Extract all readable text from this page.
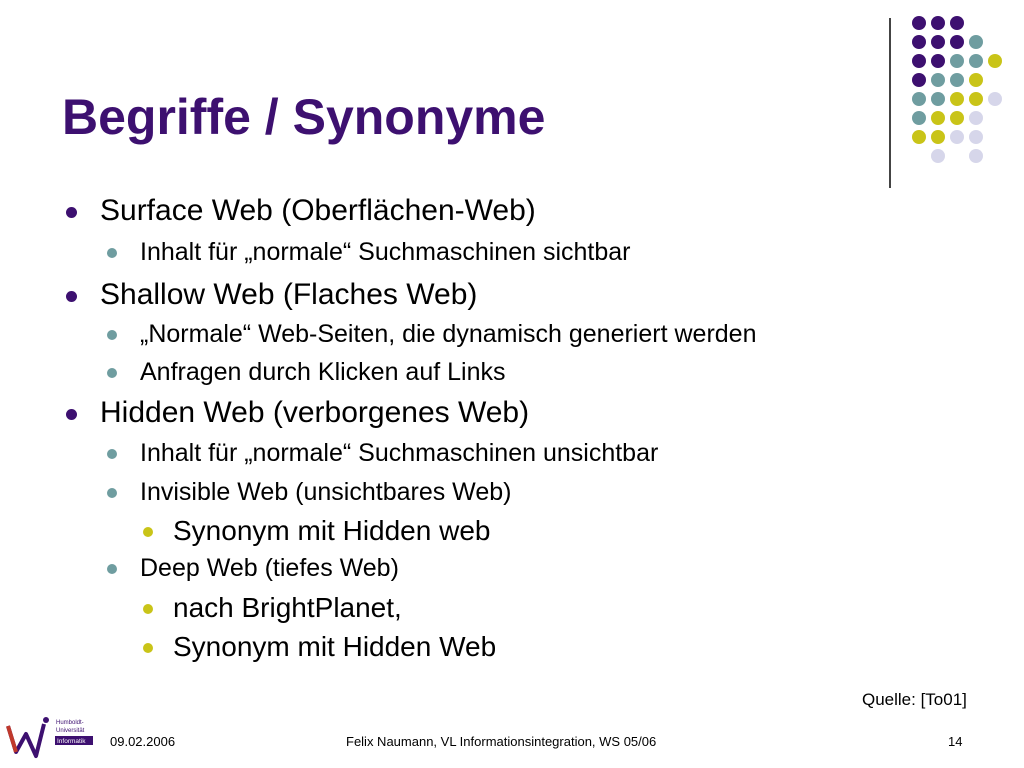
Begriffe / Synonyme
Surface Web (Oberflächen-Web)
Inhalt für „normale“ Suchmaschinen sichtbar
Shallow Web (Flaches Web)
„Normale“ Web-Seiten, die dynamisch generiert werden
Anfragen durch Klicken auf Links
Hidden Web (verborgenes Web)
Inhalt für „normale“ Suchmaschinen unsichtbar
Invisible Web (unsichtbares Web)
Synonym mit Hidden web
Deep Web (tiefes Web)
nach BrightPlanet,
Synonym mit Hidden Web
Quelle: [To01]
Humboldt-
Universität
Informatik 09.02.2006	Felix Naumann, VL Informationsintegration, WS 05/06	14
